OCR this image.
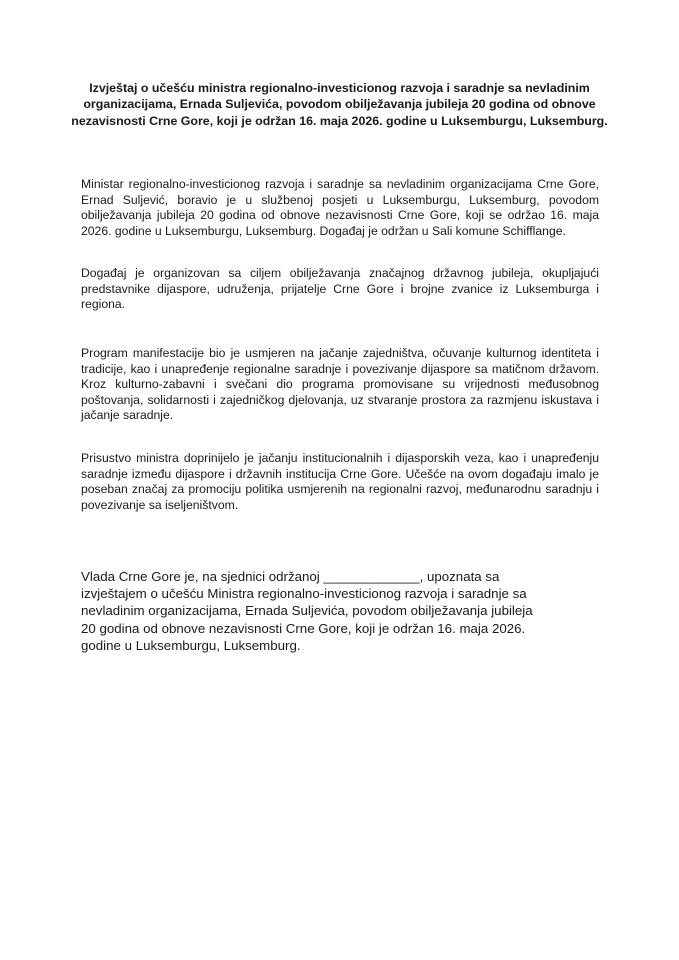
Izvještaj o učešću ministra regionalno-investicionog razvoja i saradnje sa nevladinim organizacijama, Ernada Suljevića, povodom obilježavanja jubileja 20 godina od obnove nezavisnosti Crne Gore, koji je održan 16. maja 2026. godine u Luksemburgu, Luksemburg.
Ministar regionalno-investicionog razvoja i saradnje sa nevladinim organizacijama Crne Gore, Ernad Suljević, boravio je u službenoj posjeti u Luksemburgu, Luksemburg, povodom obilježavanja jubileja 20 godina od obnove nezavisnosti Crne Gore, koji se održao 16. maja 2026. godine u Luksemburgu, Luksemburg. Događaj je održan u Sali komune Schifflange.
Događaj je organizovan sa ciljem obilježavanja značajnog državnog jubileja, okupljajući predstavnike dijaspore, udruženja, prijatelje Crne Gore i brojne zvanice iz Luksemburga i regiona.
Program manifestacije bio je usmjeren na jačanje zajedništva, očuvanje kulturnog identiteta i tradicije, kao i unapređenje regionalne saradnje i povezivanje dijaspore sa matičnom državom. Kroz kulturno-zabavni i svečani dio programa promovisane su vrijednosti međusobnog poštovanja, solidarnosti i zajedničkog djelovanja, uz stvaranje prostora za razmjenu iskustava i jačanje saradnje.
Prisustvo ministra doprinijelo je jačanju institucionalnih i dijasporskih veza, kao i unapređenju saradnje između dijaspore i državnih institucija Crne Gore. Učešće na ovom događaju imalo je poseban značaj za promociju politika usmjerenih na regionalni razvoj, međunarodnu saradnju i povezivanje sa iseljeništvom.
Vlada Crne Gore je, na sjednici održanoj _____________, upoznata sa izvještajem o učešću Ministra regionalno-investicionog razvoja i saradnje sa nevladinim organizacijama, Ernada Suljevića, povodom obilježavanja jubileja 20 godina od obnove nezavisnosti Crne Gore, koji je održan 16. maja 2026. godine u Luksemburgu, Luksemburg.
